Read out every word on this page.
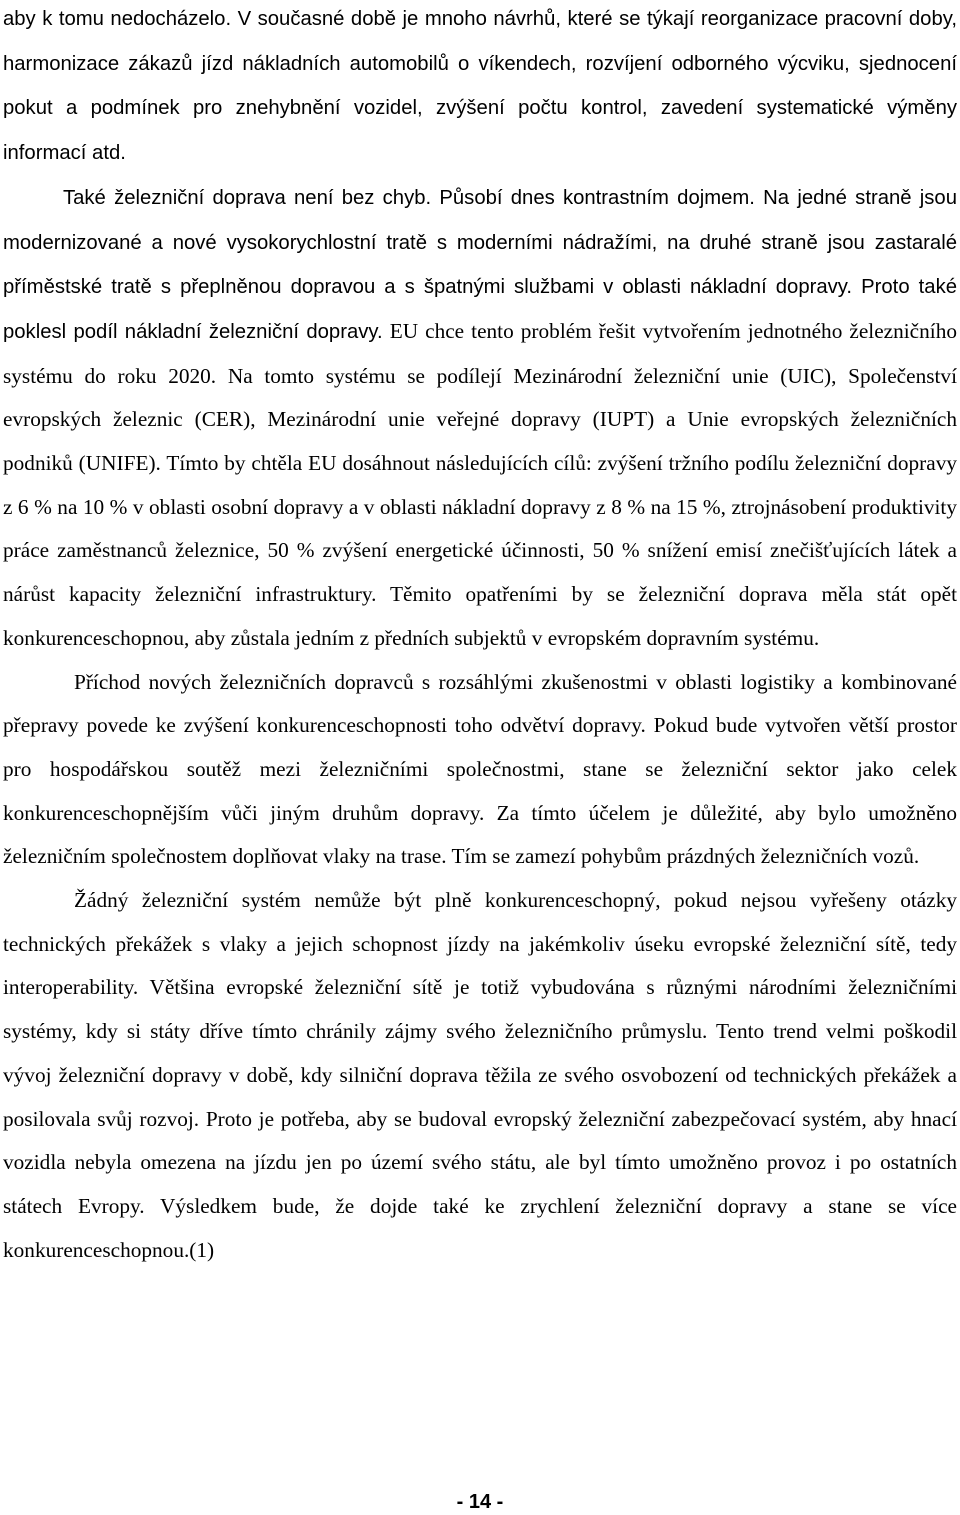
aby k tomu nedocházelo. V současné době je mnoho návrhů, které se týkají reorganizace pracovní doby, harmonizace zákazů jízd nákladních automobilů o víkendech, rozvíjení odborného výcviku, sjednocení pokut a podmínek pro znehybnění vozidel, zvýšení počtu kontrol, zavedení systematické výměny informací atd.

Také železniční doprava není bez chyb. Působí dnes kontrastním dojmem. Na jedné straně jsou modernizované a nové vysokorychlostní tratě s moderními nádražími, na druhé straně jsou zastaralé příměstské tratě s přeplněnou dopravou a s špatnými službami v oblasti nákladní dopravy. Proto také poklesl podíl nákladní železniční dopravy. EU chce tento problém řešit vytvořením jednotného železničního systému do roku 2020. Na tomto systému se podílejí Mezinárodní železniční unie (UIC), Společenství evropských železnic (CER), Mezinárodní unie veřejné dopravy (IUPT) a Unie evropských železničních podniků (UNIFE). Tímto by chtěla EU dosáhnout následujících cílů: zvýšení tržního podílu železniční dopravy z 6 % na 10 % v oblasti osobní dopravy a v oblasti nákladní dopravy z 8 % na 15 %, ztrojnásobení produktivity práce zaměstnanců železnice, 50 % zvýšení energetické účinnosti, 50 % snížení emisí znečišťujících látek a nárůst kapacity železniční infrastruktury. Těmito opatřeními by se železniční doprava měla stát opět konkurenceschopnou, aby zůstala jedním z předních subjektů v evropském dopravním systému.

Příchod nových železničních dopravců s rozsáhlými zkušenostmi v oblasti logistiky a kombinované přepravy povede ke zvýšení konkurenceschopnosti toho odvětví dopravy. Pokud bude vytvořen větší prostor pro hospodářskou soutěž mezi železničními společnostmi, stane se železniční sektor jako celek konkurenceschopnějším vůči jiným druhům dopravy. Za tímto účelem je důležité, aby bylo umožněno železničním společnostem doplňovat vlaky na trase. Tím se zamezí pohybům prázdných železničních vozů.

Žádný železniční systém nemůže být plně konkurenceschopný, pokud nejsou vyřešeny otázky technických překážek s vlaky a jejich schopnost jízdy na jakémkoliv úseku evropské železniční sítě, tedy interoperability. Většina evropské železniční sítě je totiž vybudována s různými národními železničními systémy, kdy si státy dříve tímto chránily zájmy svého železničního průmyslu. Tento trend velmi poškodil vývoj železniční dopravy v době, kdy silniční doprava těžila ze svého osvobození od technických překážek a posilovala svůj rozvoj. Proto je potřeba, aby se budoval evropský železniční zabezpečovací systém, aby hnací vozidla nebyla omezena na jízdu jen po území svého státu, ale byl tímto umožněno provoz i po ostatních státech Evropy. Výsledkem bude, že dojde také ke zrychlení železniční dopravy a stane se více konkurenceschopnou.(1)

- 14 -
